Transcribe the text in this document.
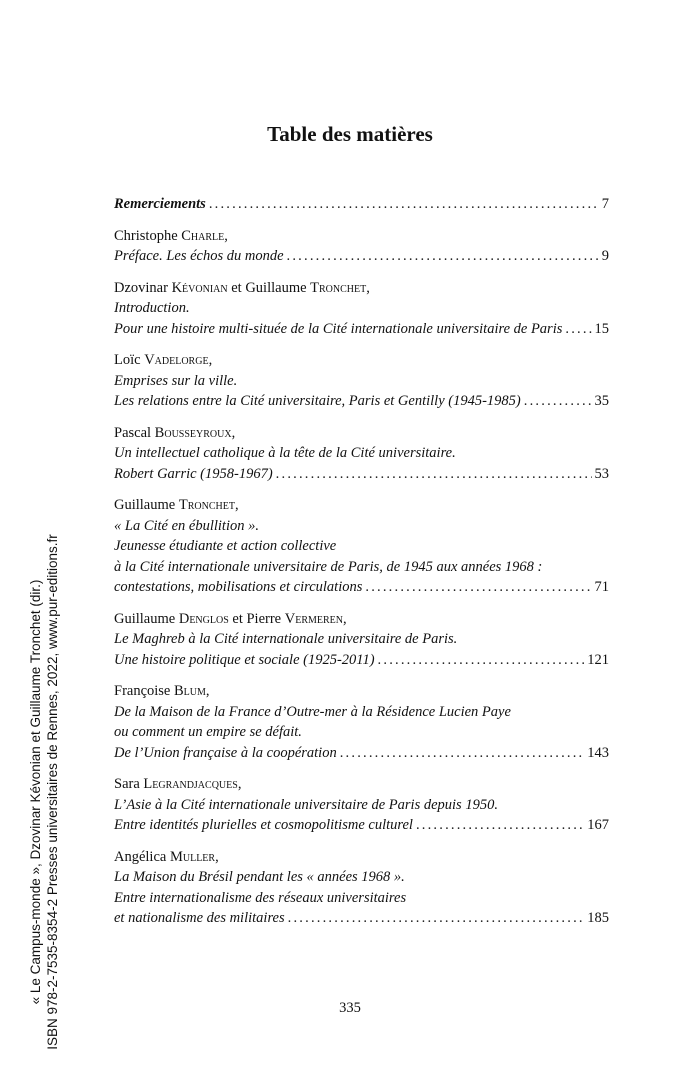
Table des matières
Remerciements .....	7
Christophe Charle,
Préface. Les échos du monde .....	9
Dzovinar Kévonian et Guillaume Tronchet,
Introduction.
Pour une histoire multi-située de la Cité internationale universitaire de Paris ..... 15
Loïc Vadelorge,
Emprises sur la ville.
Les relations entre la Cité universitaire, Paris et Gentilly (1945-1985) .....	35
Pascal Bousseyroux,
Un intellectuel catholique à la tête de la Cité universitaire.
Robert Garric (1958-1967) .....	53
Guillaume Tronchet,
« La Cité en ébullition ».
Jeunesse étudiante et action collective
à la Cité internationale universitaire de Paris, de 1945 aux années 1968 :
contestations, mobilisations et circulations .....	71
Guillaume Denglos et Pierre Vermeren,
Le Maghreb à la Cité internationale universitaire de Paris.
Une histoire politique et sociale (1925-2011) .....	121
Françoise Blum,
De la Maison de la France d’Outre-mer à la Résidence Lucien Paye
ou comment un empire se défait.
De l’Union française à la coopération .....	143
Sara Legrandjacques,
L’Asie à la Cité internationale universitaire de Paris depuis 1950.
Entre identités plurielles et cosmopolitisme culturel .....	167
Angélica Muller,
La Maison du Brésil pendant les « années 1968 ».
Entre internationalisme des réseaux universitaires
et nationalisme des militaires .....	185
335
« Le Campus-monde », Dzovinar Kévonian et Guillaume Tronchet (dir.) ISBN 978-2-7535-8354-2 Presses universitaires de Rennes, 2022, www.pur-editions.fr
